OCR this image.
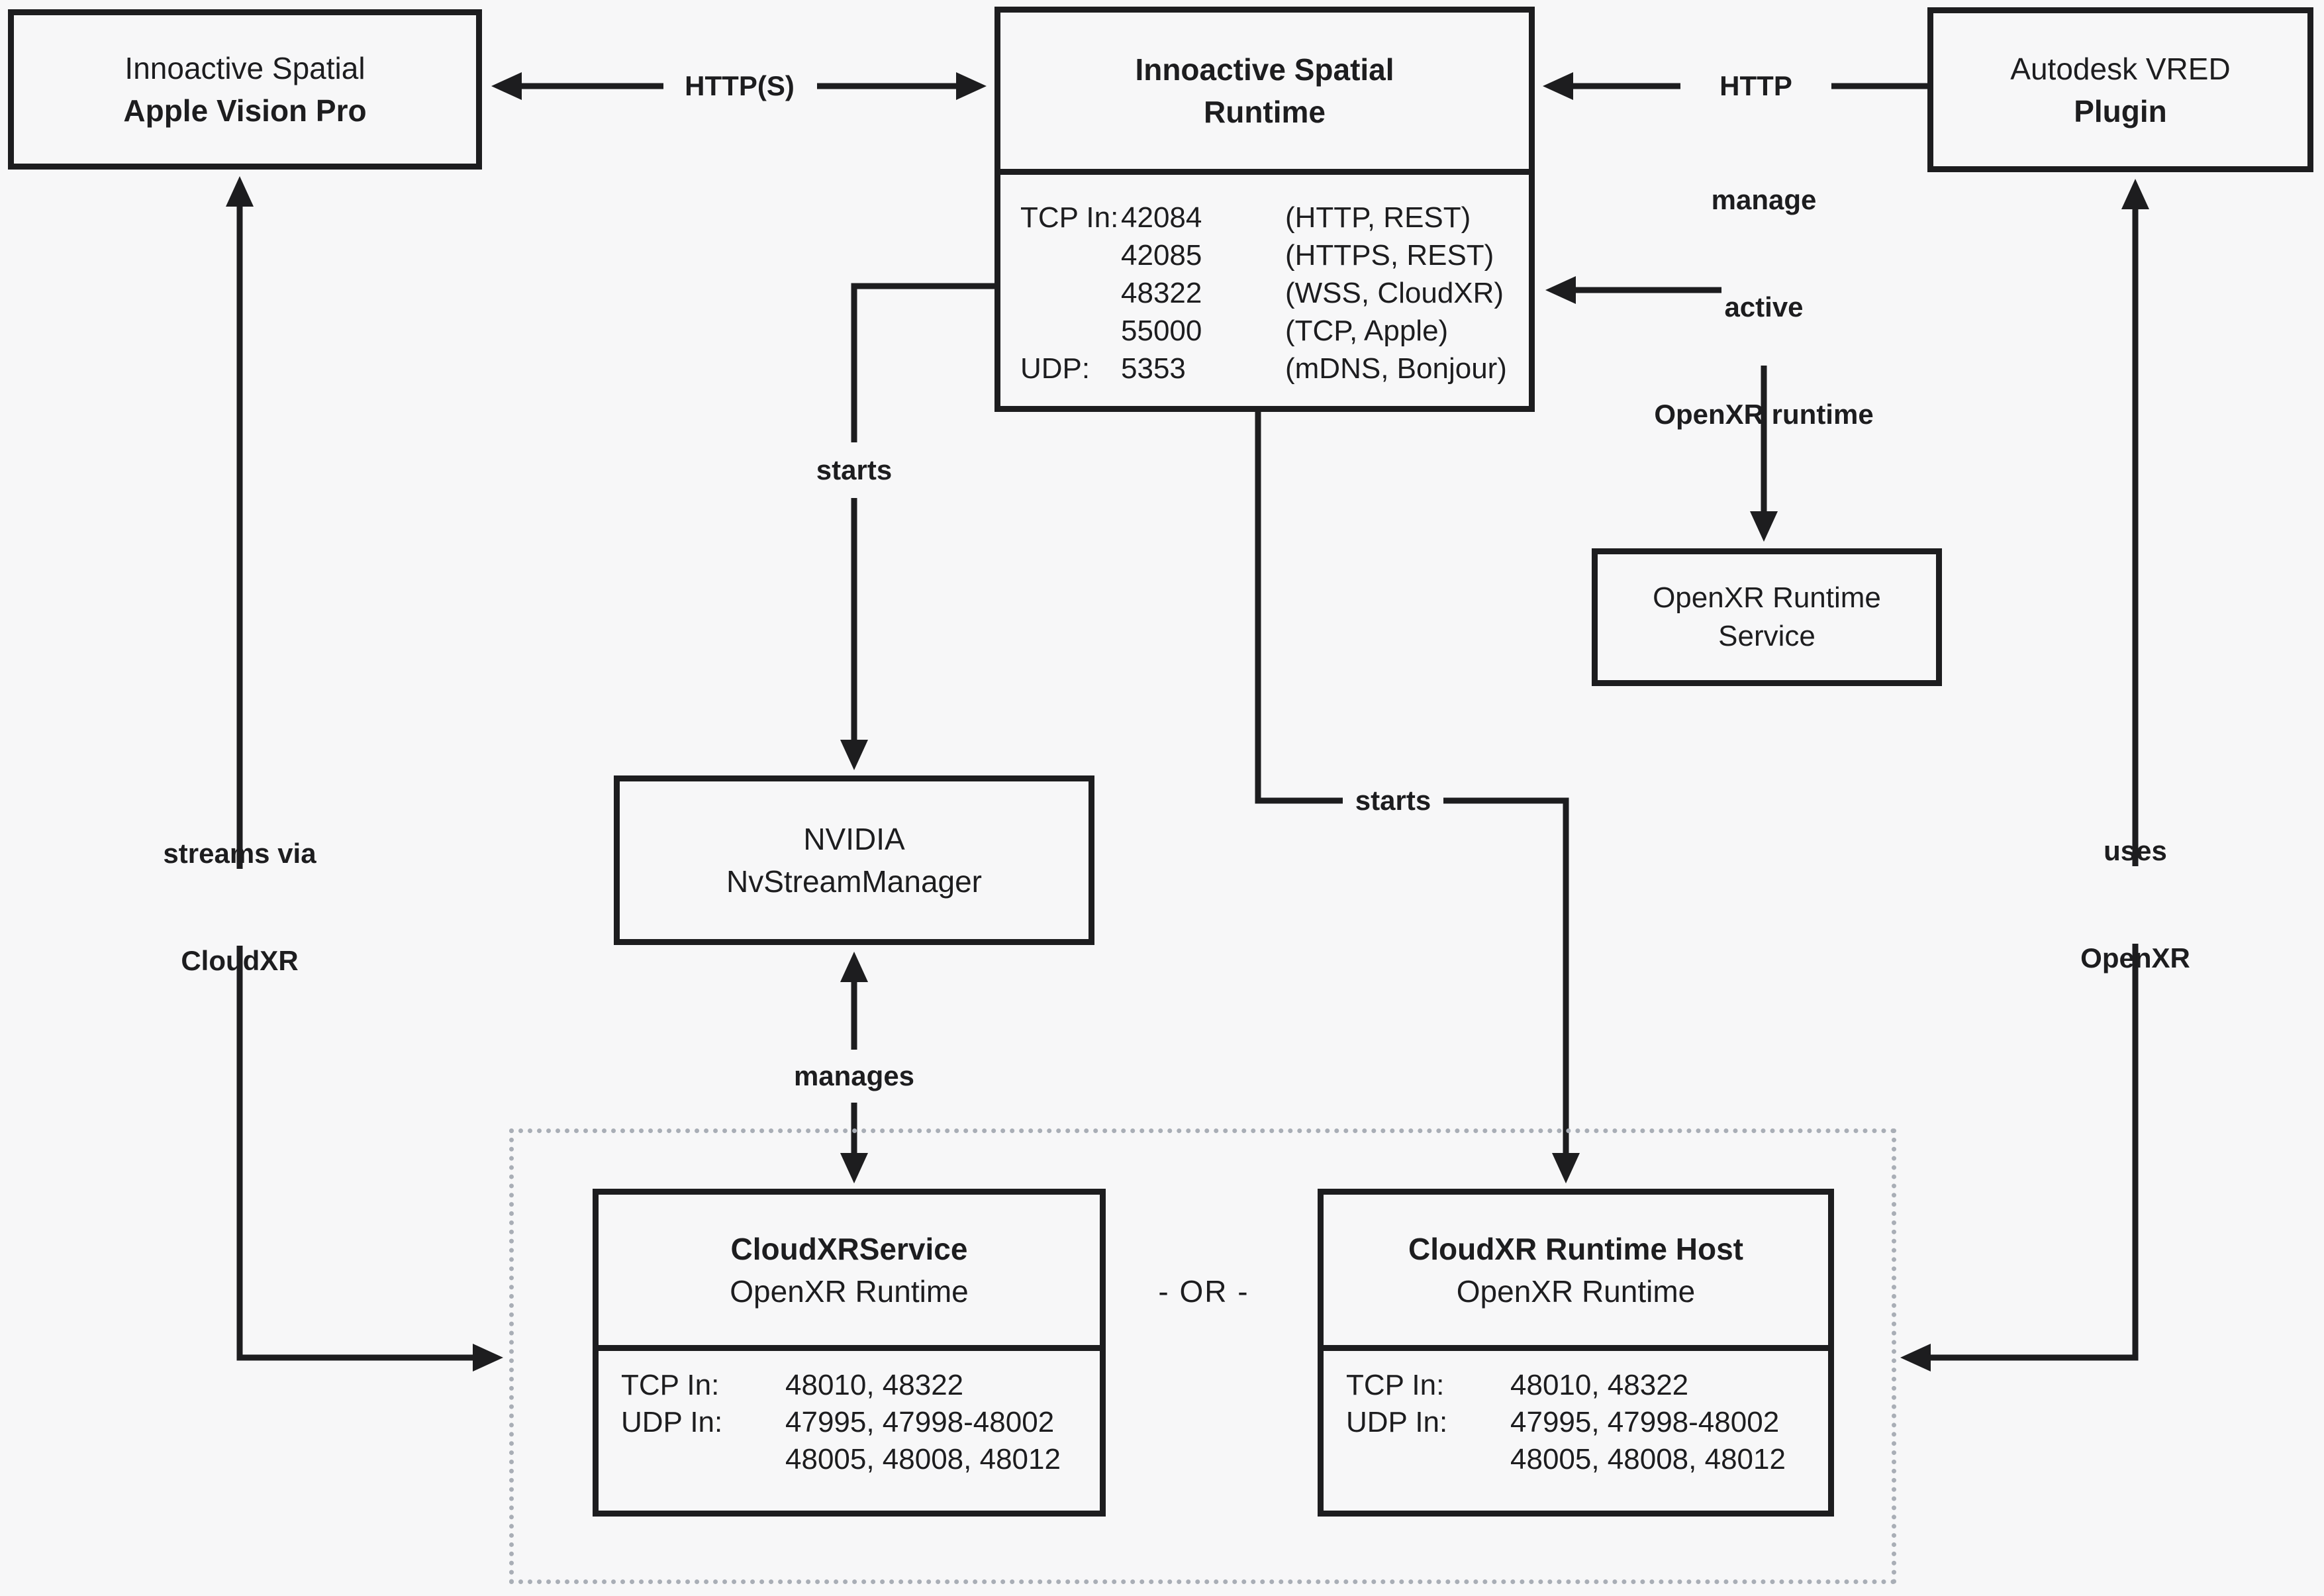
Innoactive Spatial
Apple Vision Pro
Innoactive Spatial
Runtime
TCP In: 42084	(HTTP, REST)
42085	(HTTPS, REST)
48322	(WSS, CloudXR)
55000	(TCP, Apple)
UDP:	5353	(mDNS, Bonjour)
Autodesk VRED
Plugin
OpenXR Runtime
Service
NVIDIA
NvStreamManager
CloudXRService
OpenXR Runtime
TCP In:	48010, 48322
UDP In:	47995, 47998-48002
48005, 48008, 48012
CloudXR Runtime Host
OpenXR Runtime
TCP In:	48010, 48322
UDP In:	47995, 47998-48002
48005, 48008, 48012
HTTP(S)	HTTP

manage

active

OpenXR runtime

starts
starts
manages

streams via

CloudXR

uses

OpenXR

- OR -
